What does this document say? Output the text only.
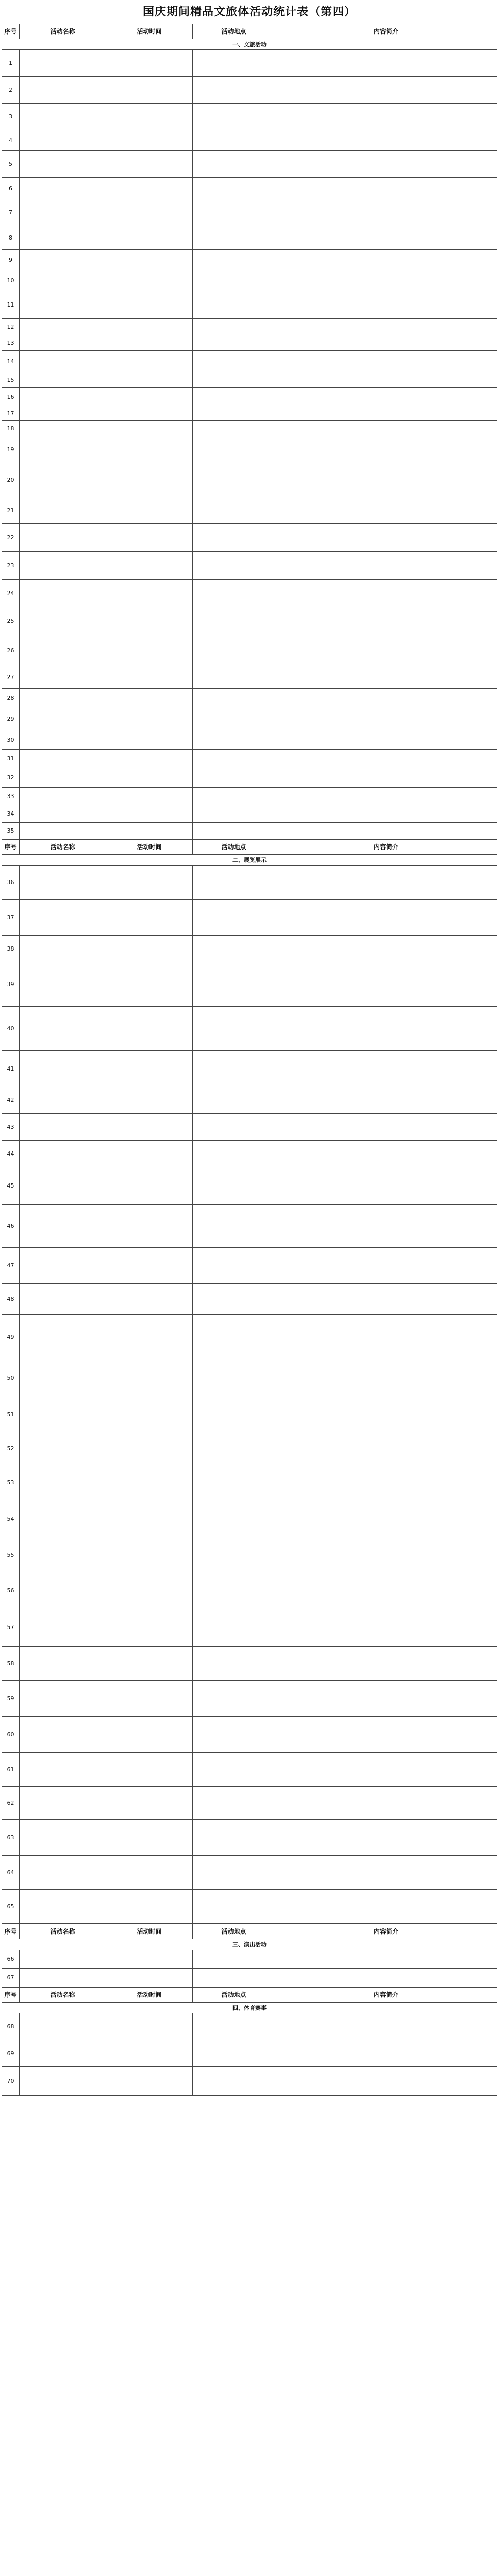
国庆期间精品文旅体活动统计表（第四）
序号	活动名称	活动时间	活动地点	内容简介
一、文旅活动				
1				
2				
3				
4				
5				
6				
7				
8				
9				
10				
11				
12				
13				
14				
15				
16				
17				
18				
19				
20				
21				
22				
23				
24				
25				
26				
27				
28				
29				
30				
31				
32				
33				
34				
35				
序号	活动名称	活动时间	活动地点	内容简介
二、展览展示				
36				
37				
38				
39				
40				
41				
42				
43				
44				
45				
46				
47				
48				
49				
50				
51				
52				
53				
54				
55				
56				
57				
58				
59				
60				
61				
62				
63				
64				
65				
序号	活动名称	活动时间	活动地点	内容简介
三、演出活动				
66				
67				
序号	活动名称	活动时间	活动地点	内容简介
四、体育赛事				
68				
69				
70				
